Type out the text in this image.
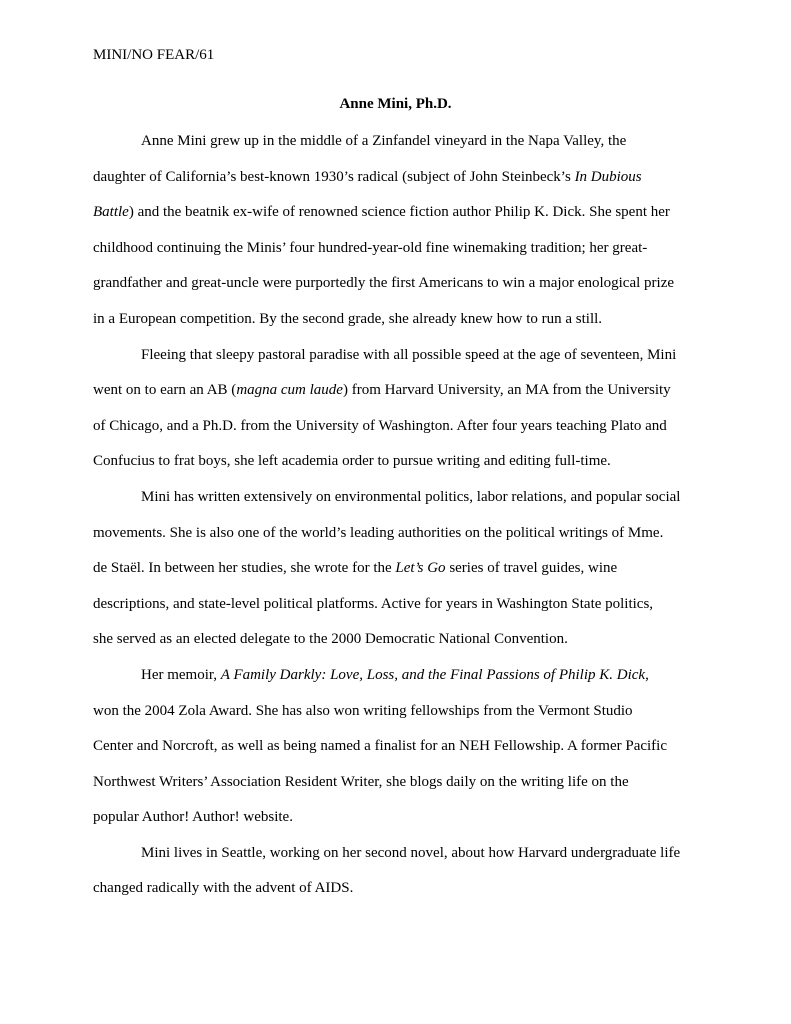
MINI/NO FEAR/61
Anne Mini, Ph.D.

Anne Mini grew up in the middle of a Zinfandel vineyard in the Napa Valley, the
daughter of California’s best-known 1930’s radical (subject of John Steinbeck’s In Dubious
Battle) and the beatnik ex-wife of renowned science fiction author Philip K. Dick. She spent her
childhood continuing the Minis’ four hundred-year-old fine winemaking tradition; her great-
grandfather and great-uncle were purportedly the first Americans to win a major enological prize
in a European competition. By the second grade, she already knew how to run a still.

Fleeing that sleepy pastoral paradise with all possible speed at the age of seventeen, Mini
went on to earn an AB (magna cum laude) from Harvard University, an MA from the University
of Chicago, and a Ph.D. from the University of Washington. After four years teaching Plato and
Confucius to frat boys, she left academia order to pursue writing and editing full-time.

Mini has written extensively on environmental politics, labor relations, and popular social
movements. She is also one of the world’s leading authorities on the political writings of Mme.
de Staël. In between her studies, she wrote for the Let’s Go series of travel guides, wine
descriptions, and state-level political platforms. Active for years in Washington State politics,
she served as an elected delegate to the 2000 Democratic National Convention.

Her memoir, A Family Darkly: Love, Loss, and the Final Passions of Philip K. Dick,
won the 2004 Zola Award. She has also won writing fellowships from the Vermont Studio
Center and Norcroft, as well as being named a finalist for an NEH Fellowship. A former Pacific
Northwest Writers’ Association Resident Writer, she blogs daily on the writing life on the
popular Author! Author! website.

Mini lives in Seattle, working on her second novel, about how Harvard undergraduate life
changed radically with the advent of AIDS.
